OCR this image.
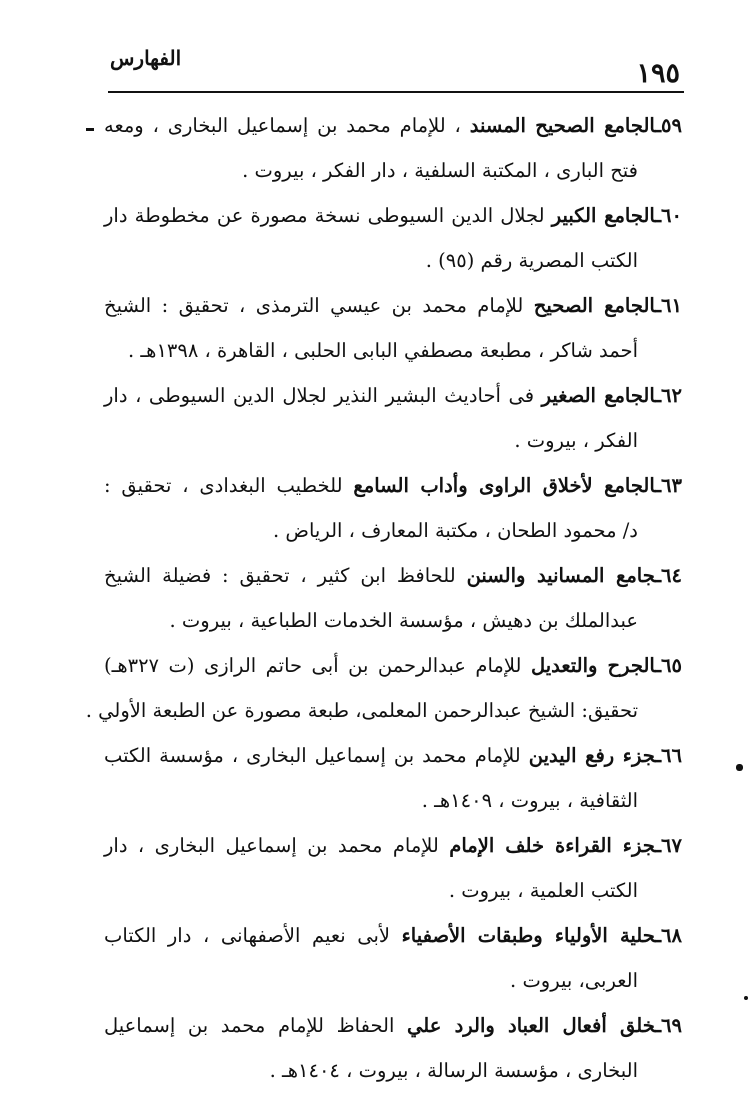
الفهارس	١٩٥
٥٩ـالجامع الصحيح المسند ، للإمام محمد بن إسماعيل البخارى ، ومعه
فتح البارى ، المكتبة السلفية ، دار الفكر ، بيروت .
٦٠ـالجامع الكبير لجلال الدين السيوطى نسخة مصورة عن مخطوطة دار
الكتب المصرية رقم (٩٥) .
٦١ـالجامع الصحيح للإمام محمد بن عيسي الترمذى ، تحقيق : الشيخ
أحمد شاكر ، مطبعة مصطفي البابى الحلبى ، القاهرة ، ١٣٩٨هـ .
٦٢ـالجامع الصغير فى أحاديث البشير النذير لجلال الدين السيوطى ، دار
الفكر ، بيروت .
٦٣ـالجامع لأخلاق الراوى وأداب السامع للخطيب البغدادى ، تحقيق :
د/ محمود الطحان ، مكتبة المعارف ، الرياض .
٦٤ـجامع المسانيد والسنن للحافظ ابن كثير ، تحقيق : فضيلة الشيخ
عبدالملك بن دهيش ، مؤسسة الخدمات الطباعية ، بيروت .
٦٥ـالجرح والتعديل للإمام عبدالرحمن بن أبى حاتم الرازى (ت ٣٢٧هـ)
تحقيق: الشيخ عبدالرحمن المعلمى، طبعة مصورة عن الطبعة الأولي .
٦٦ـجزء رفع اليدين للإمام محمد بن إسماعيل البخارى ، مؤسسة الكتب
الثقافية ، بيروت ، ١٤٠٩هـ .
٦٧ـجزء القراءة خلف الإمام للإمام محمد بن إسماعيل البخارى ، دار
الكتب العلمية ، بيروت .
٦٨ـحلية الأولياء وطبقات الأصفياء لأبى نعيم الأصفهانى ، دار الكتاب
العربى، بيروت .
٦٩ـخلق أفعال العباد والرد علي الحفاظ للإمام محمد بن إسماعيل
البخارى ، مؤسسة الرسالة ، بيروت ، ١٤٠٤هـ .
